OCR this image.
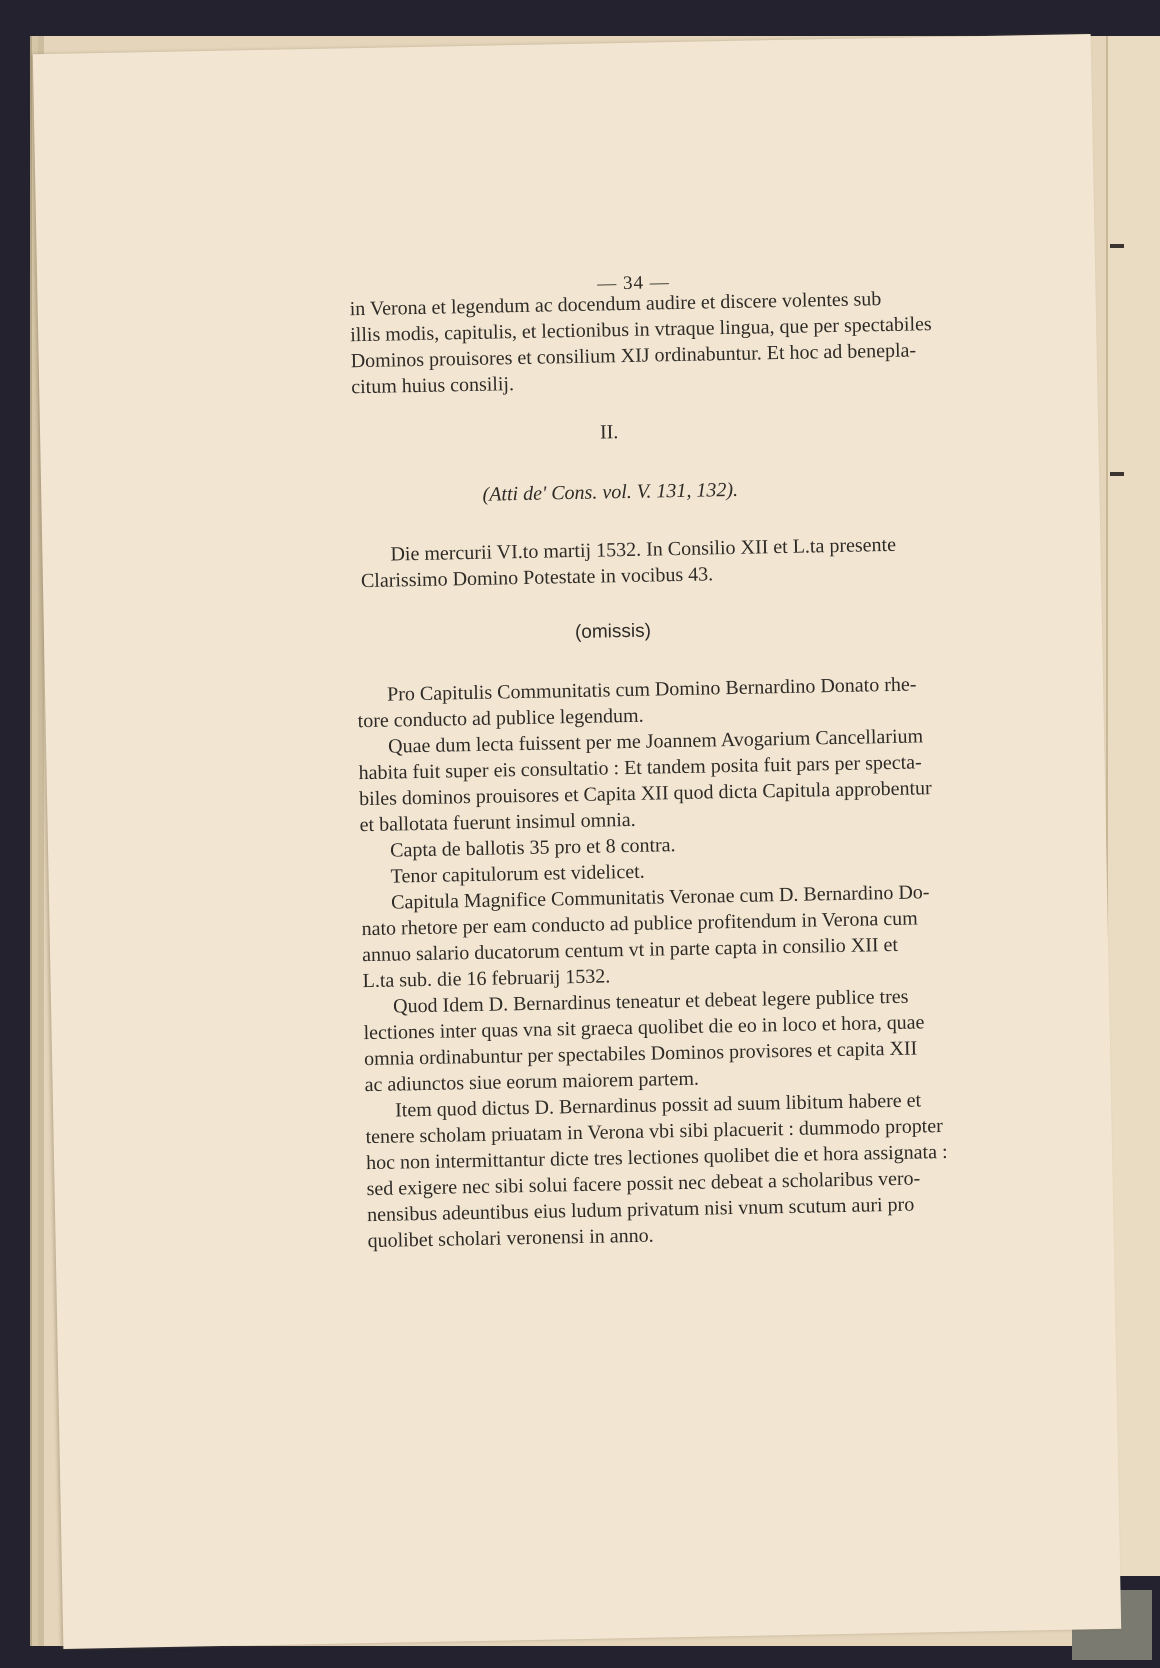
— 34 —
in Verona et legendum ac docendum audire et discere volentes sub
illis modis, capitulis, et lectionibus in vtraque lingua, que per spectabiles
Dominos prouisores et consilium XIJ ordinabuntur. Et hoc ad benepla-
citum huius consilij.
II.
(Atti de' Cons. vol. V. 131, 132).
Die mercurii VI.to martij 1532. In Consilio XII et L.ta presente
Clarissimo Domino Potestate in vocibus 43.
(omissis)
Pro Capitulis Communitatis cum Domino Bernardino Donato rhe-
tore conducto ad publice legendum.
Quae dum lecta fuissent per me Joannem Avogarium Cancellarium
habita fuit super eis consultatio : Et tandem posita fuit pars per specta-
biles dominos prouisores et Capita XII quod dicta Capitula approbentur
et ballotata fuerunt insimul omnia.
Capta de ballotis 35 pro et 8 contra.
Tenor capitulorum est videlicet.
Capitula Magnifice Communitatis Veronae cum D. Bernardino Do-
nato rhetore per eam conducto ad publice profitendum in Verona cum
annuo salario ducatorum centum vt in parte capta in consilio XII et
L.ta sub. die 16 februarij 1532.
Quod Idem D. Bernardinus teneatur et debeat legere publice tres
lectiones inter quas vna sit graeca quolibet die eo in loco et hora, quae
omnia ordinabuntur per spectabiles Dominos provisores et capita XII
ac adiunctos siue eorum maiorem partem.
Item quod dictus D. Bernardinus possit ad suum libitum habere et
tenere scholam priuatam in Verona vbi sibi placuerit : dummodo propter
hoc non intermittantur dicte tres lectiones quolibet die et hora assignata :
sed exigere nec sibi solui facere possit nec debeat a scholaribus vero-
nensibus adeuntibus eius ludum privatum nisi vnum scutum auri pro
quolibet scholari veronensi in anno.
